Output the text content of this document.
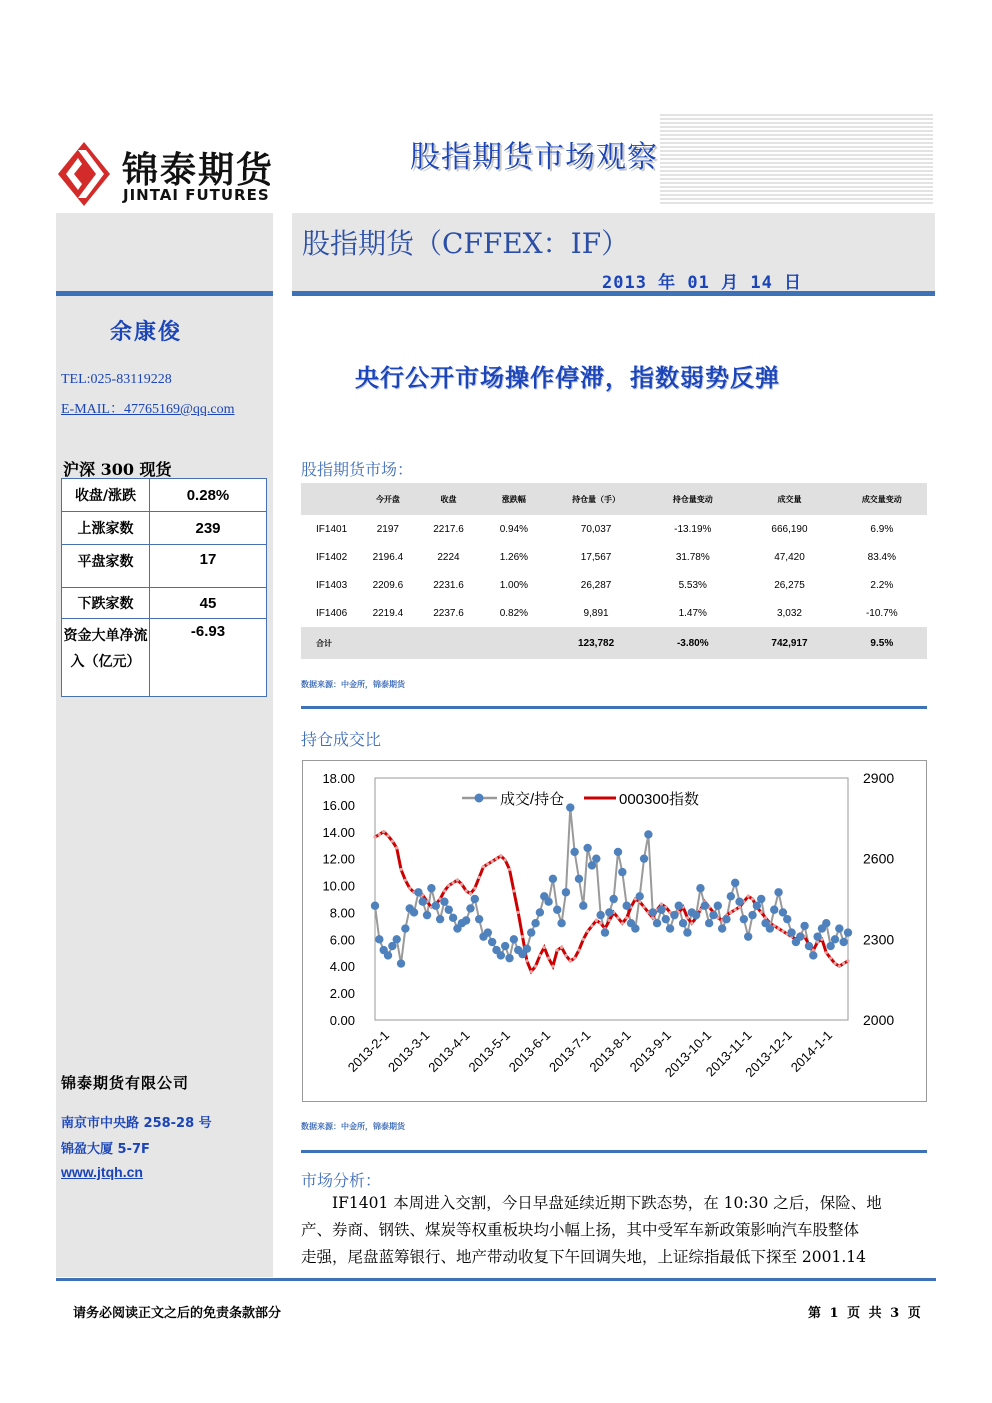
锦泰期货
JINTAI FUTURES
股指期货市场观察
股指期货（CFFEX：IF）
2013 年 01 月 14 日
余康俊
TEL:025-83119228
E-MAIL：47765169@qq.com
沪深 300 现货
收盘/涨跌	0.28%
上涨家数	239
平盘家数	17
下跌家数	45
资金大单净流入（亿元）	-6.93
锦泰期货有限公司
南京市中央路 258-28 号
锦盈大厦 5-7F
www.jtqh.cn
央行公开市场操作停滞，指数弱势反弹
股指期货市场：
	今开盘	收盘	涨跌幅	持仓量（手）	持仓量变动	成交量	成交量变动
IF1401	2197	2217.6	0.94%	70,037	-13.19%	666,190	6.9%
IF1402	2196.4	2224	1.26%	17,567	31.78%	47,420	83.4%
IF1403	2209.6	2231.6	1.00%	26,287	5.53%	26,275	2.2%
IF1406	2219.4	2237.6	0.82%	9,891	1.47%	3,032	-10.7%
合计				123,782	-3.80%	742,917	9.5%
数据来源：中金所，锦泰期货
持仓成交比
0.00
2.00
4.00
6.00
8.00
10.00
12.00
14.00
16.00
18.00
2000
2300
2600
2900
2013-2-1
2013-3-1
2013-4-1
2013-5-1
2013-6-1
2013-7-1
2013-8-1
2013-9-1
2013-10-1
2013-11-1
2013-12-1
2014-1-1
成交/持仓	000300指数
数据来源：中金所，锦泰期货
市场分析：
IF1401 本周进入交割，今日早盘延续近期下跌态势，在 10:30 之后，保险、地
产、券商、钢铁、煤炭等权重板块均小幅上扬，其中受军车新政策影响汽车股整体
走强，尾盘蓝筹银行、地产带动收复下午回调失地，上证综指最低下探至 2001.14
请务必阅读正文之后的免责条款部分	第 1 页 共 3 页
